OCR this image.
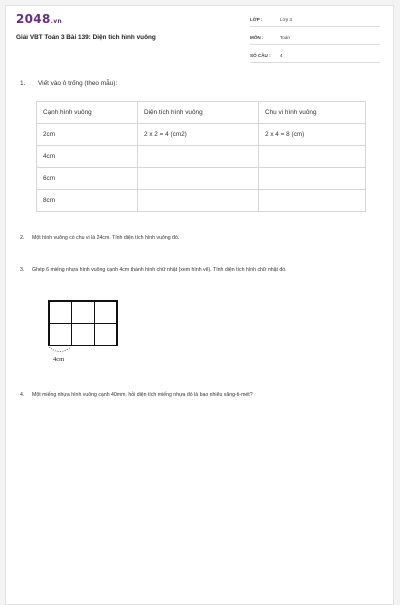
2048.vn
Giải VBT Toán 3 Bài 139: Diện tích hình vuông
LỚP :	Lớp 3
MÔN :	Toán
SỐ CÂU : 4
1. Viết vào ô trống (theo mẫu):
Cạnh hình vuông	Diện tích hình vuông	Chu vi hình vuông
2cm	2 x 2 = 4 (cm2)	2 x 4 = 8 (cm)
4cm		
6cm		
8cm		
2. Một hình vuông có chu vi là 24cm. Tính diện tích hình vuông đó.
3. Ghép 6 miếng nhựa hình vuông cạnh 4cm thành hình chữ nhật (xem hình vẽ). Tính diện tích hình chữ nhật đó.
4cm
4. Một miếng nhựa hình vuông cạnh 40mm. hỏi diện tích miếng nhựa đó là bao nhiêu xăng-ti-mét?
